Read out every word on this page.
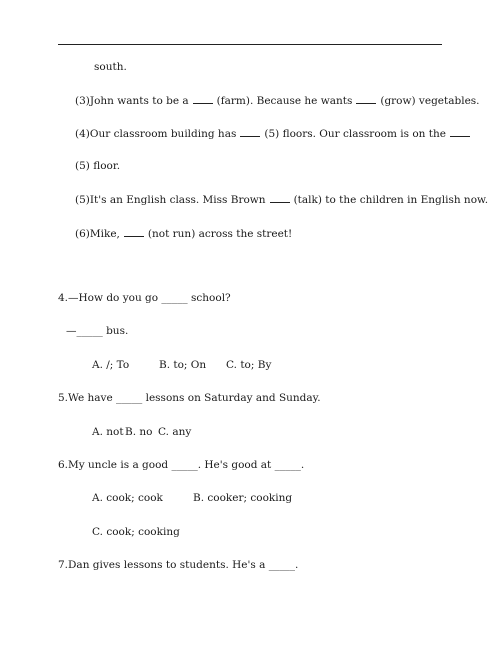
south.
(3)John wants to be a	(farm). Because he wants	(grow) vegetables.
(4)Our classroom building has	(5) floors. Our classroom is on the
(5) floor.
(5)It's an English class. Miss Brown	(talk) to the children in English now.
(6)Mike,	(not run) across the street!
4.—How do you go _____ school?
—_____ bus.
A. /; To	B. to; On C. to; By
5.We have _____ lessons on Saturday and Sunday.
A. not B. no C. any
6.My uncle is a good _____. He's good at _____.
A. cook; cook	B. cooker; cooking
C. cook; cooking
7.Dan gives lessons to students. He's a _____.
